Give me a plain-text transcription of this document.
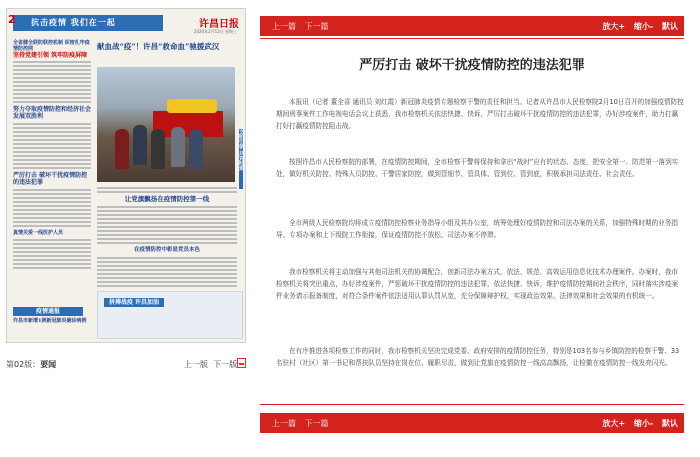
2 抗击疫情 我们在一起	许昌日报
2020年2月12日 星期三
全省健全联防联控机制 织密扎牢疫情防控网
坚持党建引领 筑牢防疫屏障
努力夺取疫情防控和经济社会发展双胜利
严厉打击 破坏干扰疫情防控的违法犯罪
真情关爱一线医护人员
献血战“疫”！许昌“救命血”驰援武汉
让党旗飘扬在疫情防控第一线
在疫情防控中彰显党员本色
文明引领 共克时艰
疫情通报
许昌市新增1例新冠肺炎确诊病例
拼搏战疫 许昌加油
第02版：要闻	上一版 下一版
上一篇 下一篇	放大+ 缩小- 默认
严厉打击 破坏干扰疫情防控的违法犯罪

本报讯（记者 董全喜 通讯员 刘红霞）新冠肺炎疫情专题检察干警的责任和担当。记者从许昌市人民检察院2月10日召开的加强疫情防控期间刑事案件工作电视电话会议上获悉，我市检察机关依法快捷、快诉，严厉打击破坏干扰疫情防控的违法犯罪，办好涉疫案件，助力打赢打好打赢疫情防控阻击战。

按照许昌市人民检察院的部署，在疫情防控期间，全市检察干警将保持和拿出“战时”应有的状态、态度，把安全第一、防范第一落到实处，做好机关防控、特殊人员防控、干警居家防控，做到管细节、管具体、管到位、管到底，积极承担司法责任、社会责任。

全市两级人民检察院均将成立疫情防控检察业务指导小组及其办公室，统筹处理好疫情防控和司法办案的关系，加强特殊时期的业务指导、专项办案和上下级院工作衔接，保证疫情防控不放松、司法办案不停滞。

我市检察机关将主动加强与其他司法机关的协调配合，创新司法办案方式，依法、规范、高效运用信息化技术办理案件。办案时，我市检察机关将突出重点，办好涉疫案件，严惩破坏干扰疫情防控的违法犯罪，依法快捷、快诉，维护疫情防控期间社会秩序，同时落实涉疫案件业务请示报备制度，对符合条件案件依法适用认罪认罚从宽，充分保障辩护权，实现政治效果、法律效果和社会效果的有机统一。

在有序推进各项检察工作的同时，我市检察机关坚决完成党委、政府安排的疫情防控任务，特别是103名参与乡镇防控的检察干警、33名驻村（社区）第一书记和帮扶队员坚持在岗在位、履职尽责，做到让党旗在疫情防控一线高高飘扬，让检徽在疫情防控一线发亮闪光。

上一篇 下一篇	放大+ 缩小- 默认
